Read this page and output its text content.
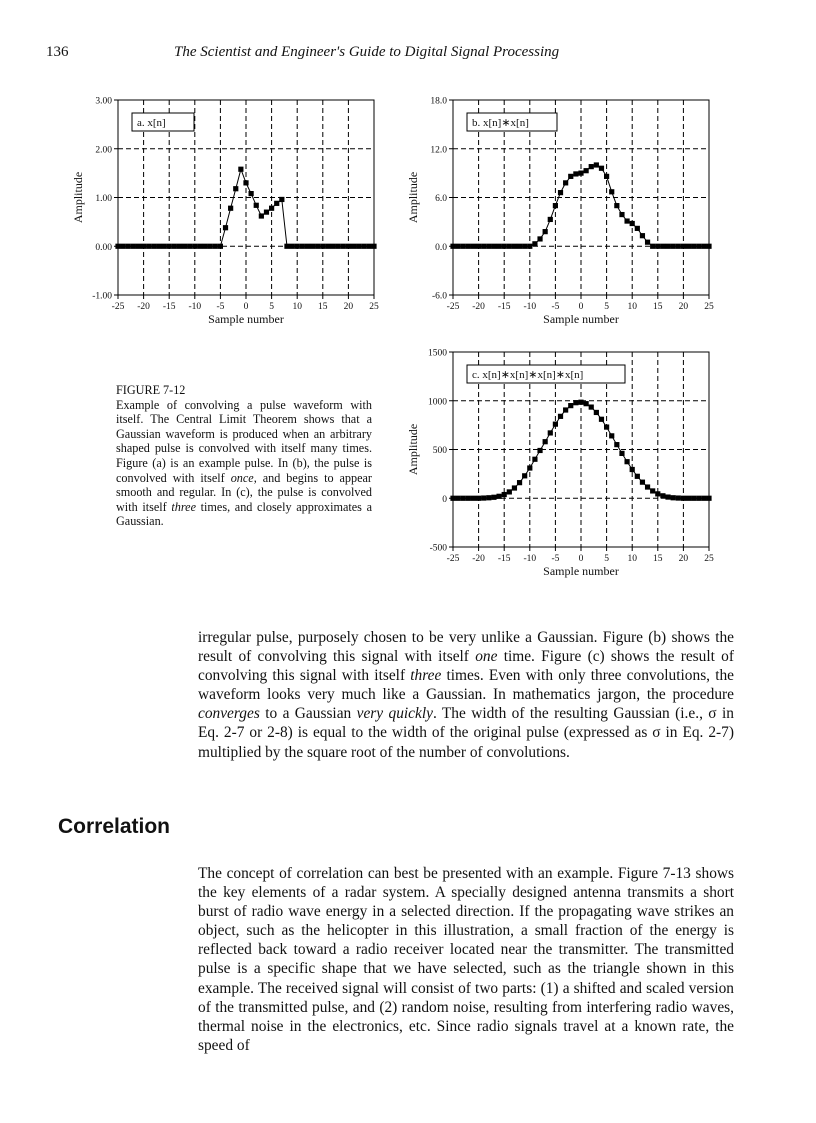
136	The Scientist and Engineer's Guide to Digital Signal Processing
-25 -20 -15 -10 -5 0 5 10 15 20 25
-1.00
0.00
1.00
2.00
3.00
Sample number
Amplitude
a. x[n]
-25 -20 -15 -10 -5 0 5 10 15 20 25
-6.0
0.0
6.0
12.0
18.0
Sample number
Amplitude
b. x[n]∗x[n]
-25 -20 -15 -10 -5 0 5 10 15 20 25
-500
0
500
1000
1500
Sample number
Amplitude
c. x[n]∗x[n]∗x[n]∗x[n]
FIGURE 7-12
Example of convolving a pulse waveform with itself. The Central Limit Theorem shows that a Gaussian waveform is produced when an arbitrary shaped pulse is convolved with itself many times. Figure (a) is an example pulse. In (b), the pulse is convolved with itself once, and begins to appear smooth and regular. In (c), the pulse is convolved with itself three times, and closely approximates a Gaussian.

irregular pulse, purposely chosen to be very unlike a Gaussian. Figure (b) shows the result of convolving this signal with itself one time. Figure (c) shows the result of convolving this signal with itself three times. Even with only three convolutions, the waveform looks very much like a Gaussian. In mathematics jargon, the procedure converges to a Gaussian very quickly. The width of the resulting Gaussian (i.e., σ in Eq. 2-7 or 2-8) is equal to the width of the original pulse (expressed as σ in Eq. 2-7) multiplied by the square root of the number of convolutions.

Correlation

The concept of correlation can best be presented with an example. Figure 7-13 shows the key elements of a radar system. A specially designed antenna transmits a short burst of radio wave energy in a selected direction. If the propagating wave strikes an object, such as the helicopter in this illustration, a small fraction of the energy is reflected back toward a radio receiver located near the transmitter. The transmitted pulse is a specific shape that we have selected, such as the triangle shown in this example. The received signal will consist of two parts: (1) a shifted and scaled version of the transmitted pulse, and (2) random noise, resulting from interfering radio waves, thermal noise in the electronics, etc. Since radio signals travel at a known rate, the speed of
